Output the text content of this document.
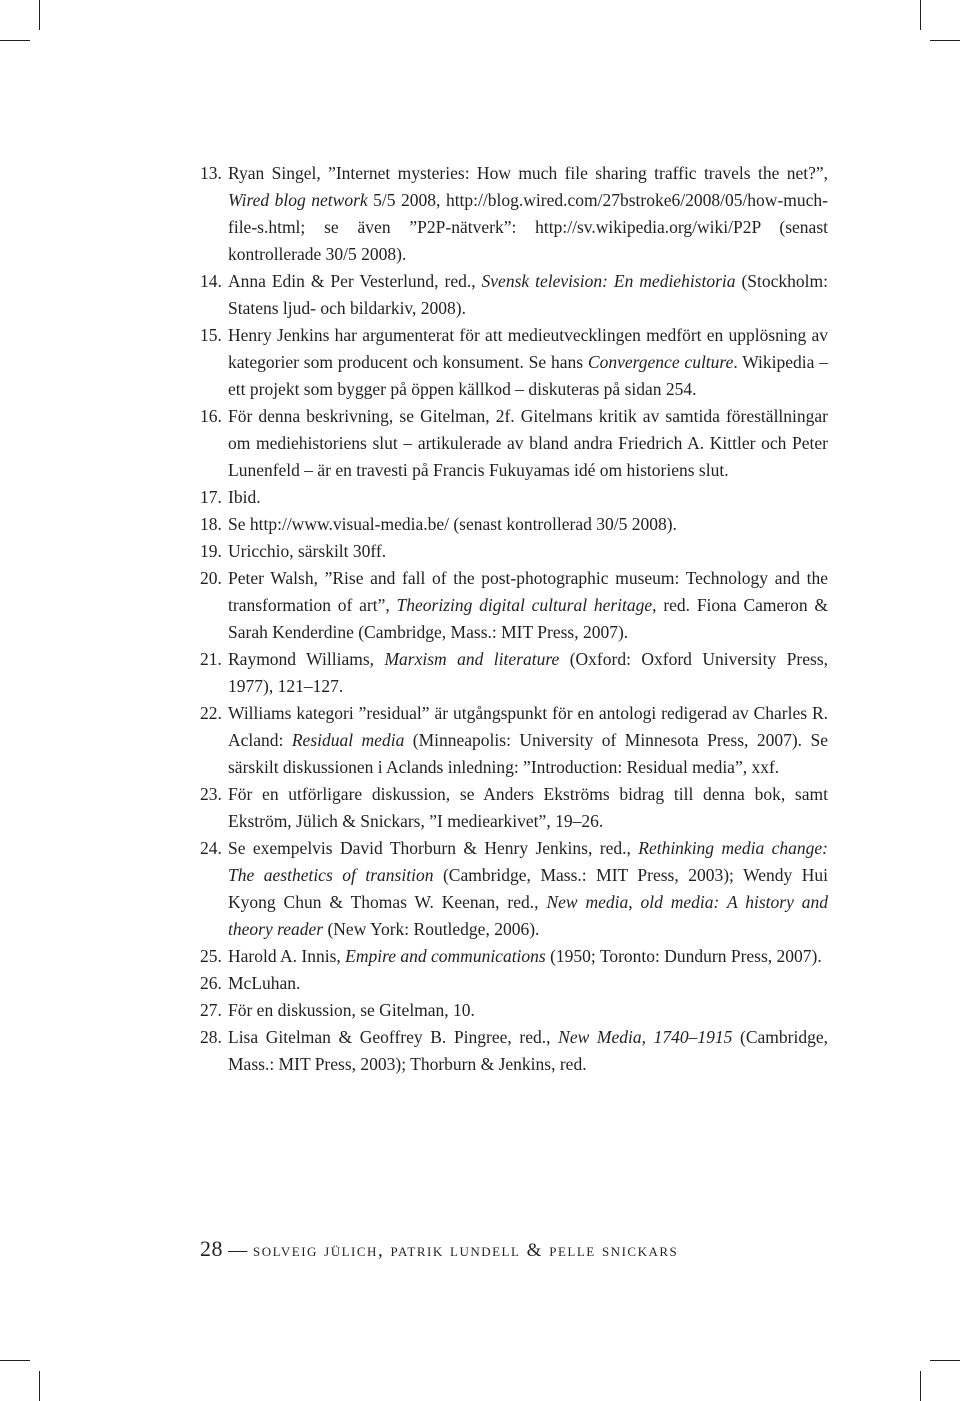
13. Ryan Singel, ”Internet mysteries: How much file sharing traffic travels the net?”, Wired blog network 5/5 2008, http://blog.wired.com/27bstroke6/2008/05/how-much-file-s.html; se även ”P2P-nätverk”: http://sv.wikipedia.org/wiki/P2P (senast kontrollerade 30/5 2008).
14. Anna Edin & Per Vesterlund, red., Svensk television: En mediehistoria (Stockholm: Statens ljud- och bildarkiv, 2008).
15. Henry Jenkins har argumenterat för att medieutvecklingen medfört en upplösning av kategorier som producent och konsument. Se hans Convergence culture. Wikipedia – ett projekt som bygger på öppen källkod – diskuteras på sidan 254.
16. För denna beskrivning, se Gitelman, 2f. Gitelmans kritik av samtida föreställningar om mediehistoriens slut – artikulerade av bland andra Friedrich A. Kittler och Peter Lunenfeld – är en travesti på Francis Fukuyamas idé om historiens slut.
17. Ibid.
18. Se http://www.visual-media.be/ (senast kontrollerad 30/5 2008).
19. Uricchio, särskilt 30ff.
20. Peter Walsh, ”Rise and fall of the post-photographic museum: Technology and the transformation of art”, Theorizing digital cultural heritage, red. Fiona Cameron & Sarah Kenderdine (Cambridge, Mass.: MIT Press, 2007).
21. Raymond Williams, Marxism and literature (Oxford: Oxford University Press, 1977), 121–127.
22. Williams kategori ”residual” är utgångspunkt för en antologi redigerad av Charles R. Acland: Residual media (Minneapolis: University of Minnesota Press, 2007). Se särskilt diskussionen i Aclands inledning: ”Introduction: Residual media”, xxf.
23. För en utförligare diskussion, se Anders Ekströms bidrag till denna bok, samt Ekström, Jülich & Snickars, ”I mediearkivet”, 19–26.
24. Se exempelvis David Thorburn & Henry Jenkins, red., Rethinking media change: The aesthetics of transition (Cambridge, Mass.: MIT Press, 2003); Wendy Hui Kyong Chun & Thomas W. Keenan, red., New media, old media: A history and theory reader (New York: Routledge, 2006).
25. Harold A. Innis, Empire and communications (1950; Toronto: Dundurn Press, 2007).
26. McLuhan.
27. För en diskussion, se Gitelman, 10.
28. Lisa Gitelman & Geoffrey B. Pingree, red., New Media, 1740–1915 (Cambridge, Mass.: MIT Press, 2003); Thorburn & Jenkins, red.
28 — solveig jülich, patrik lundell & pelle snickars
